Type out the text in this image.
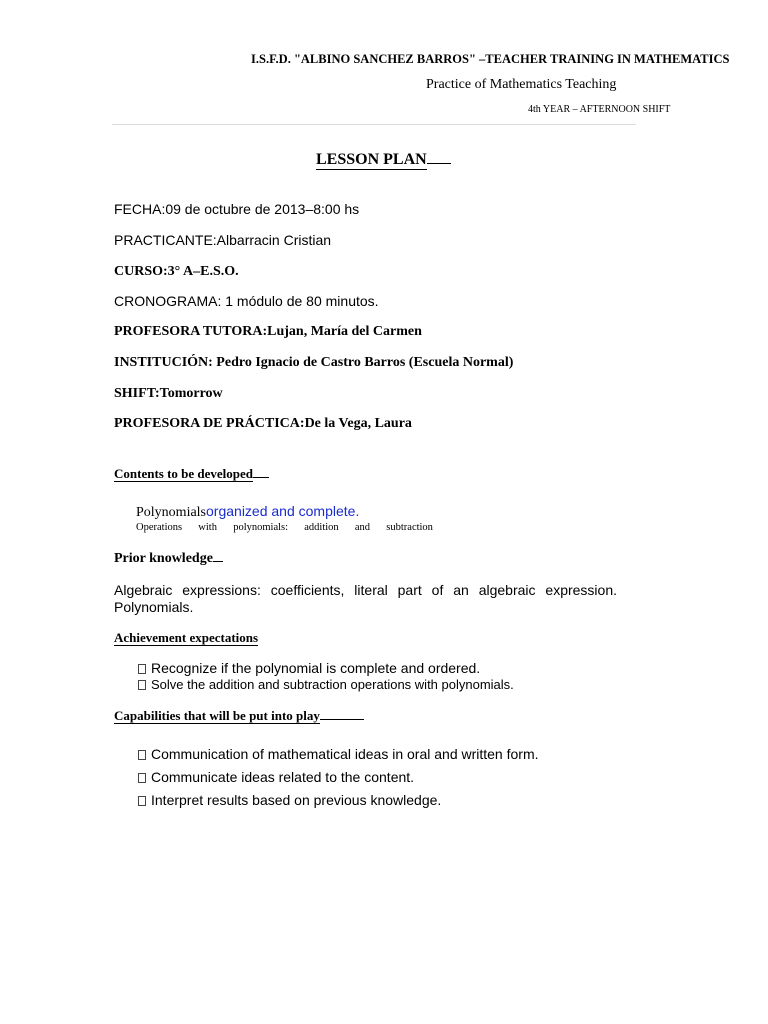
I.S.F.D. "ALBINO SANCHEZ BARROS" –TEACHER TRAINING IN MATHEMATICS
Practice of Mathematics Teaching
4th YEAR – AFTERNOON SHIFT
LESSON PLAN
FECHA:09 de octubre de 2013–8:00 hs
PRACTICANTE:Albarracin Cristian
CURSO:3° A–E.S.O.
CRONOGRAMA: 1 módulo de 80 minutos.
PROFESORA TUTORA:Lujan, María del Carmen
INSTITUCIÓN: Pedro Ignacio de Castro Barros (Escuela Normal)
SHIFT:Tomorrow
PROFESORA DE PRÁCTICA:De la Vega, Laura
Contents to be developed
Polynomialsorganized and complete.
Operations with polynomials: addition and subtraction
Prior knowledge
Algebraic expressions: coefficients, literal part of an algebraic expression. Polynomials.
Achievement expectations
Recognize if the polynomial is complete and ordered.
Solve the addition and subtraction operations with polynomials.
Capabilities that will be put into play
Communication of mathematical ideas in oral and written form.
Communicate ideas related to the content.
Interpret results based on previous knowledge.
